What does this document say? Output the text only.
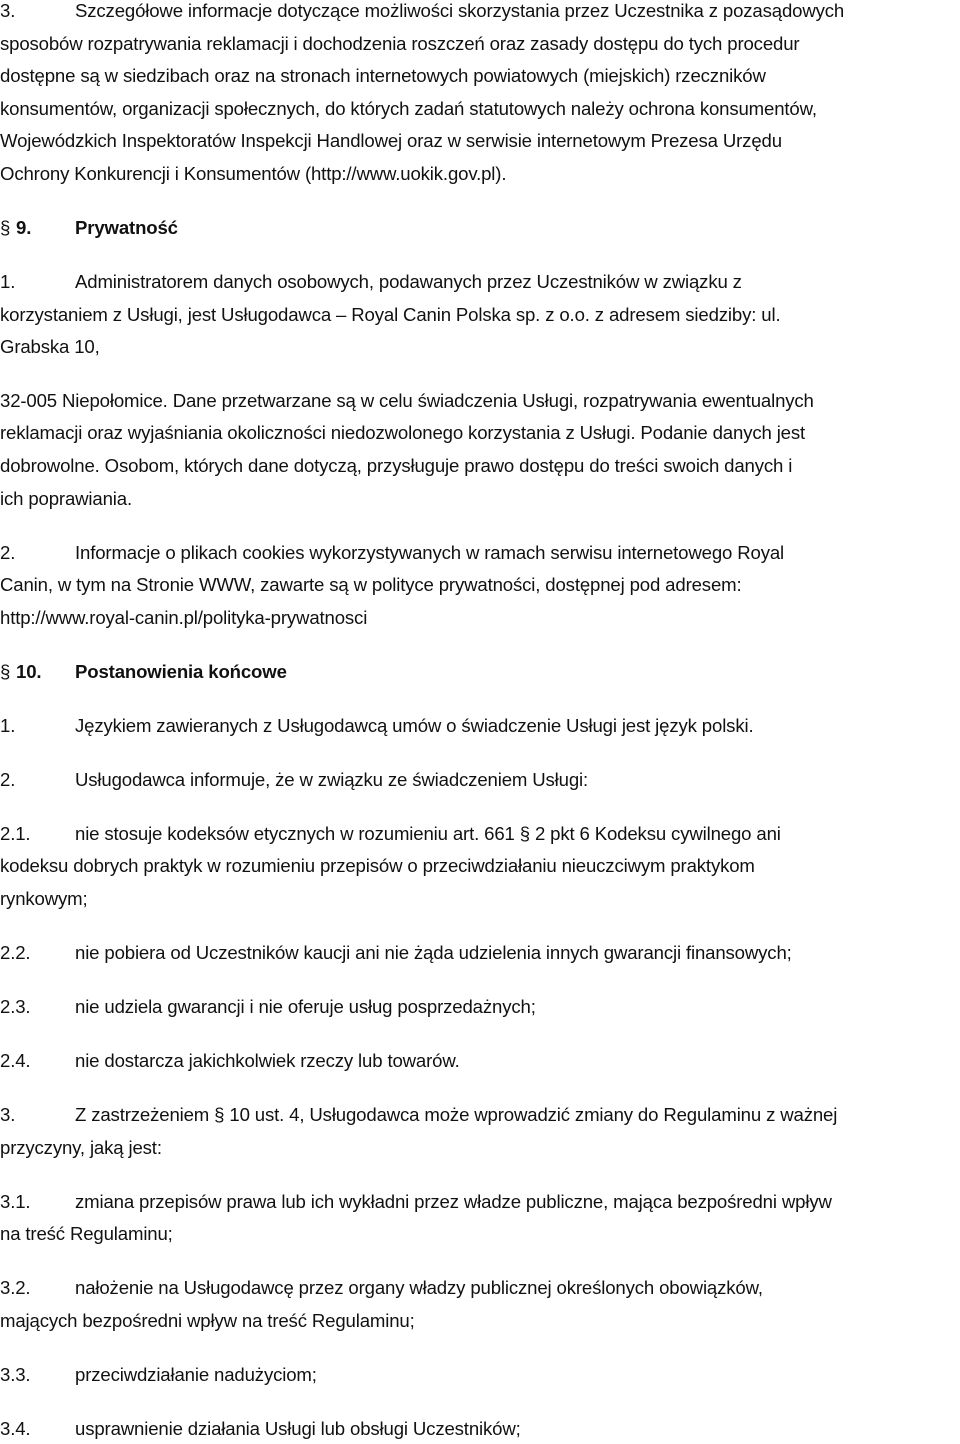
3.	Szczegółowe informacje dotyczące możliwości skorzystania przez Uczestnika z pozasądowych
sposobów rozpatrywania reklamacji i dochodzenia roszczeń oraz zasady dostępu do tych procedur
dostępne są w siedzibach oraz na stronach internetowych powiatowych (miejskich) rzeczników
konsumentów, organizacji społecznych, do których zadań statutowych należy ochrona konsumentów,
Wojewódzkich Inspektoratów Inspekcji Handlowej oraz w serwisie internetowym Prezesa Urzędu
Ochrony Konkurencji i Konsumentów (http://www.uokik.gov.pl).
§ 9. Prywatność
1.	Administratorem danych osobowych, podawanych przez Uczestników w związku z
korzystaniem z Usługi, jest Usługodawca – Royal Canin Polska sp. z o.o. z adresem siedziby: ul.
Grabska 10,
32-005 Niepołomice. Dane przetwarzane są w celu świadczenia Usługi, rozpatrywania ewentualnych
reklamacji oraz wyjaśniania okoliczności niedozwolonego korzystania z Usługi. Podanie danych jest
dobrowolne. Osobom, których dane dotyczą, przysługuje prawo dostępu do treści swoich danych i
ich poprawiania.
2.	Informacje o plikach cookies wykorzystywanych w ramach serwisu internetowego Royal
Canin, w tym na Stronie WWW, zawarte są w polityce prywatności, dostępnej pod adresem:
http://www.royal-canin.pl/polityka-prywatnosci
§ 10. Postanowienia końcowe
1.	Językiem zawieranych z Usługodawcą umów o świadczenie Usługi jest język polski.
2.	Usługodawca informuje, że w związku ze świadczeniem Usługi:
2.1. nie stosuje kodeksów etycznych w rozumieniu art. 661 § 2 pkt 6 Kodeksu cywilnego ani
kodeksu dobrych praktyk w rozumieniu przepisów o przeciwdziałaniu nieuczciwym praktykom
rynkowym;
2.2. nie pobiera od Uczestników kaucji ani nie żąda udzielenia innych gwarancji finansowych;
2.3. nie udziela gwarancji i nie oferuje usług posprzedażnych;
2.4. nie dostarcza jakichkolwiek rzeczy lub towarów.
3.	Z zastrzeżeniem § 10 ust. 4, Usługodawca może wprowadzić zmiany do Regulaminu z ważnej
przyczyny, jaką jest:
3.1. zmiana przepisów prawa lub ich wykładni przez władze publiczne, mająca bezpośredni wpływ
na treść Regulaminu;
3.2. nałożenie na Usługodawcę przez organy władzy publicznej określonych obowiązków,
mających bezpośredni wpływ na treść Regulaminu;
3.3. przeciwdziałanie nadużyciom;
3.4. usprawnienie działania Usługi lub obsługi Uczestników;
